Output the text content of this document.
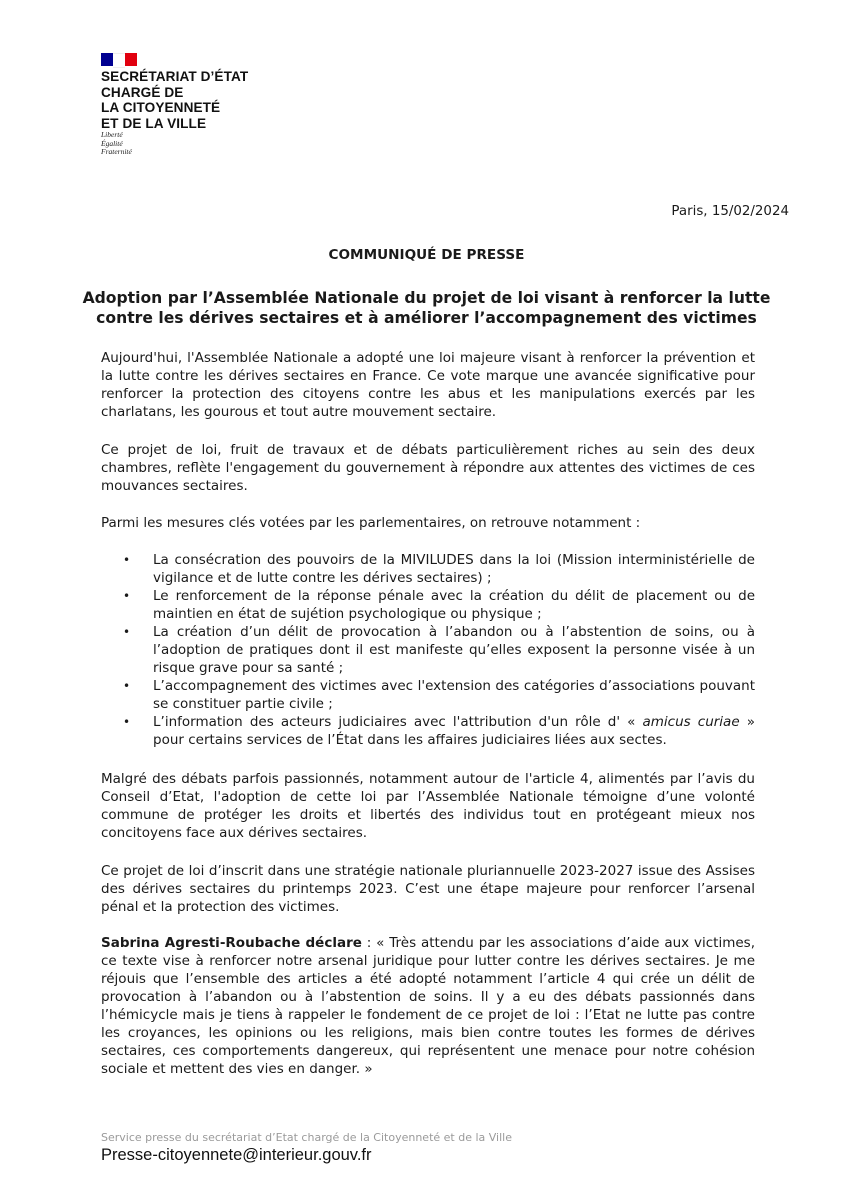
SECRÉTARIAT D’ÉTAT
CHARGÉ DE
LA CITOYENNETÉ
ET DE LA VILLE
Liberté
Égalité
Fraternité
Paris, 15/02/2024
COMMUNIQUÉ DE PRESSE
Adoption par l’Assemblée Nationale du projet de loi visant à renforcer la lutte contre les dérives sectaires et à améliorer l’accompagnement des victimes
Aujourd'hui, l'Assemblée Nationale a adopté une loi majeure visant à renforcer la prévention et la lutte contre les dérives sectaires en France. Ce vote marque une avancée significative pour renforcer la protection des citoyens contre les abus et les manipulations exercés par les charlatans, les gourous et tout autre mouvement sectaire.
Ce projet de loi, fruit de travaux et de débats particulièrement riches au sein des deux chambres, reflète l'engagement du gouvernement à répondre aux attentes des victimes de ces mouvances sectaires.
Parmi les mesures clés votées par les parlementaires, on retrouve notamment :
• La consécration des pouvoirs de la MIVILUDES dans la loi (Mission interministérielle de vigilance et de lutte contre les dérives sectaires) ;
• Le renforcement de la réponse pénale avec la création du délit de placement ou de maintien en état de sujétion psychologique ou physique ;
• La création d’un délit de provocation à l’abandon ou à l’abstention de soins, ou à l’adoption de pratiques dont il est manifeste qu’elles exposent la personne visée à un risque grave pour sa santé ;
• L’accompagnement des victimes avec l'extension des catégories d’associations pouvant se constituer partie civile ;
• L’information des acteurs judiciaires avec l'attribution d'un rôle d' « amicus curiae » pour certains services de l’État dans les affaires judiciaires liées aux sectes.
Malgré des débats parfois passionnés, notamment autour de l'article 4, alimentés par l’avis du Conseil d’Etat, l'adoption de cette loi par l’Assemblée Nationale témoigne d’une volonté commune de protéger les droits et libertés des individus tout en protégeant mieux nos concitoyens face aux dérives sectaires.
Ce projet de loi d’inscrit dans une stratégie nationale pluriannuelle 2023-2027 issue des Assises des dérives sectaires du printemps 2023. C’est une étape majeure pour renforcer l’arsenal pénal et la protection des victimes.
Sabrina Agresti-Roubache déclare : « Très attendu par les associations d’aide aux victimes, ce texte vise à renforcer notre arsenal juridique pour lutter contre les dérives sectaires. Je me réjouis que l’ensemble des articles a été adopté notamment l’article 4 qui crée un délit de provocation à l’abandon ou à l’abstention de soins. Il y a eu des débats passionnés dans l’hémicycle mais je tiens à rappeler le fondement de ce projet de loi : l’Etat ne lutte pas contre les croyances, les opinions ou les religions, mais bien contre toutes les formes de dérives sectaires, ces comportements dangereux, qui représentent une menace pour notre cohésion sociale et mettent des vies en danger. »
Service presse du secrétariat d’Etat chargé de la Citoyenneté et de la Ville
Presse-citoyennete@interieur.gouv.fr
